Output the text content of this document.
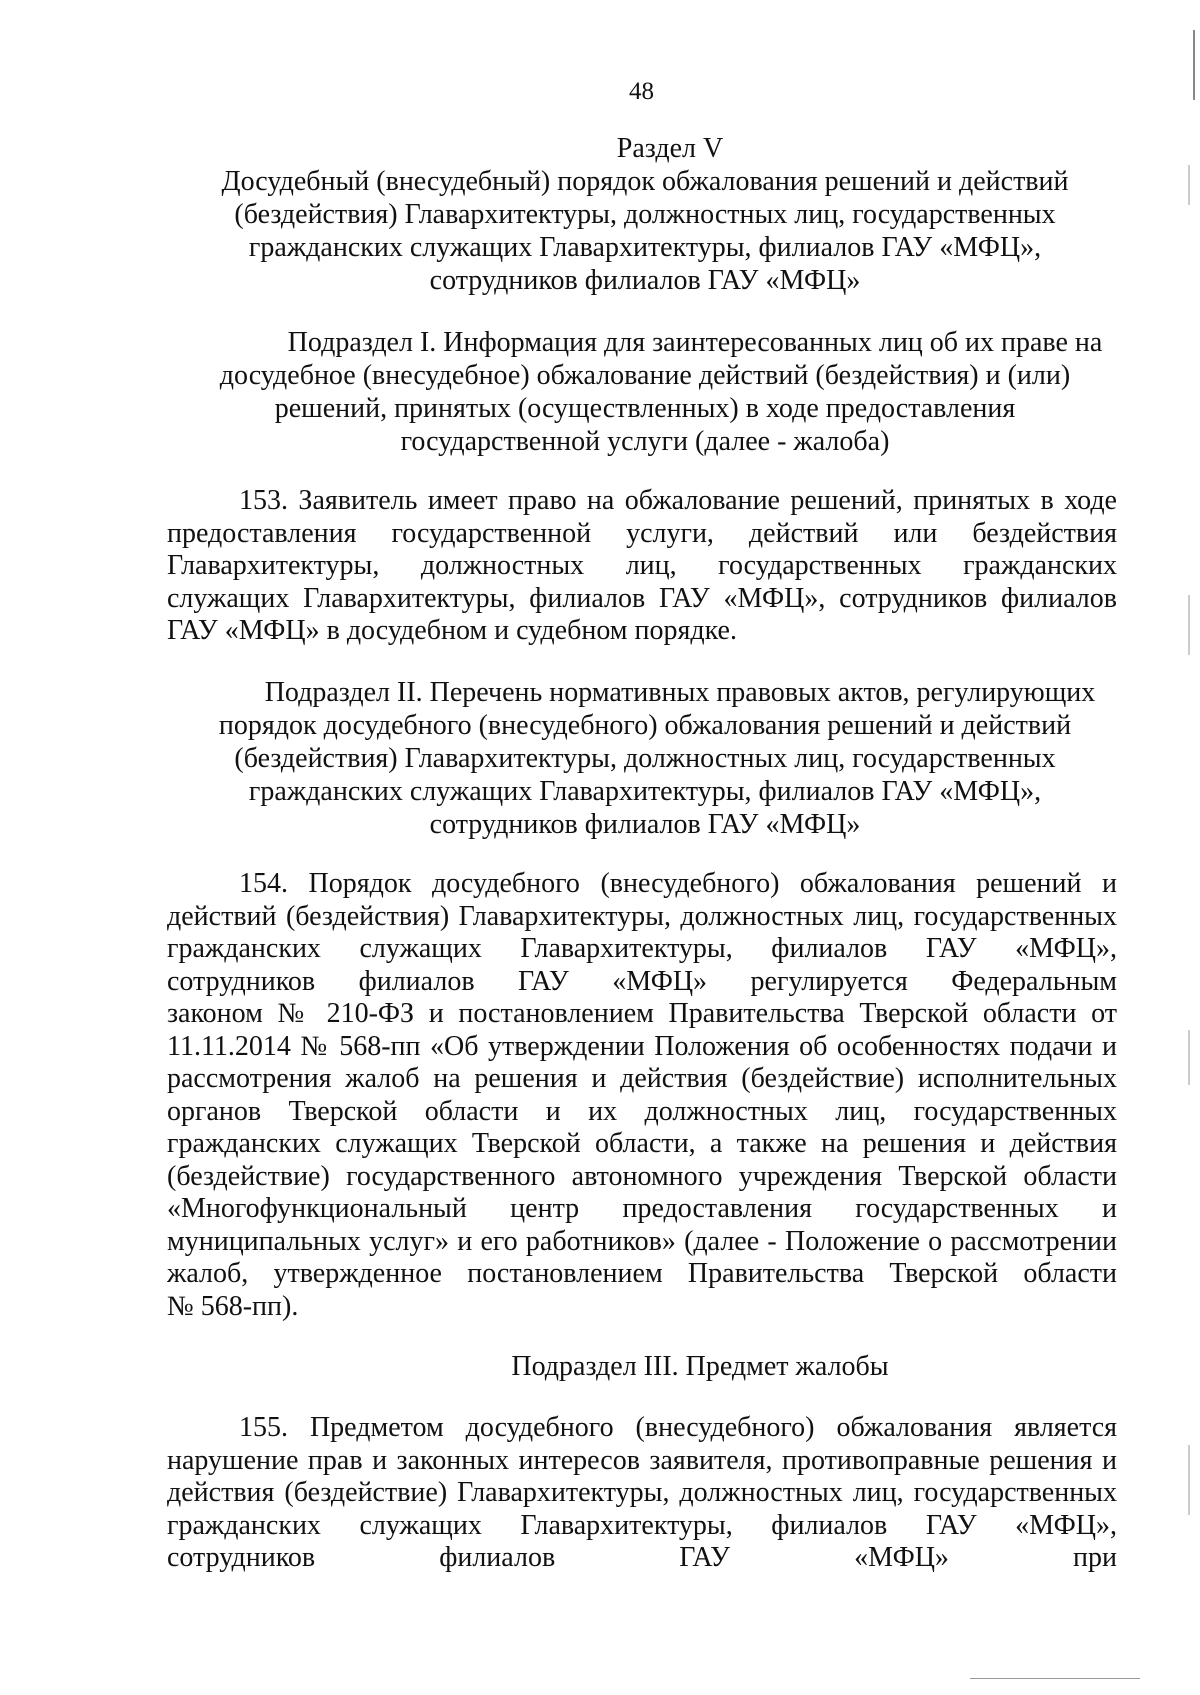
48
Раздел V
Досудебный (внесудебный) порядок обжалования решений и действий
(бездействия) Главархитектуры, должностных лиц, государственных
гражданских служащих Главархитектуры, филиалов ГАУ «МФЦ»,
сотрудников филиалов ГАУ «МФЦ»
Подраздел I. Информация для заинтересованных лиц об их праве на
досудебное (внесудебное) обжалование действий (бездействия) и (или)
решений, принятых (осуществленных) в ходе предоставления
государственной услуги (далее - жалоба)
153. Заявитель имеет право на обжалование решений, принятых в ходе
предоставления государственной услуги, действий или бездействия
Главархитектуры, должностных лиц, государственных гражданских
служащих Главархитектуры, филиалов ГАУ «МФЦ», сотрудников филиалов
ГАУ «МФЦ» в досудебном и судебном порядке.
Подраздел II. Перечень нормативных правовых актов, регулирующих
порядок досудебного (внесудебного) обжалования решений и действий
(бездействия) Главархитектуры, должностных лиц, государственных
гражданских служащих Главархитектуры, филиалов ГАУ «МФЦ»,
сотрудников филиалов ГАУ «МФЦ»
154. Порядок досудебного (внесудебного) обжалования решений и
действий (бездействия) Главархитектуры, должностных лиц, государственных
гражданских служащих Главархитектуры, филиалов ГАУ «МФЦ»,
сотрудников филиалов ГАУ «МФЦ» регулируется Федеральным
законом № 210-ФЗ и постановлением Правительства Тверской области от
11.11.2014 № 568-пп «Об утверждении Положения об особенностях подачи и
рассмотрения жалоб на решения и действия (бездействие) исполнительных
органов Тверской области и их должностных лиц, государственных
гражданских служащих Тверской области, а также на решения и действия
(бездействие) государственного автономного учреждения Тверской области
«Многофункциональный центр предоставления государственных и
муниципальных услуг» и его работников» (далее - Положение о рассмотрении
жалоб, утвержденное постановлением Правительства Тверской области
№ 568-пп).
Подраздел III. Предмет жалобы
155. Предметом досудебного (внесудебного) обжалования является
нарушение прав и законных интересов заявителя, противоправные решения и
действия (бездействие) Главархитектуры, должностных лиц, государственных
гражданских служащих Главархитектуры, филиалов ГАУ «МФЦ»,
сотрудников филиалов ГАУ «МФЦ» при
